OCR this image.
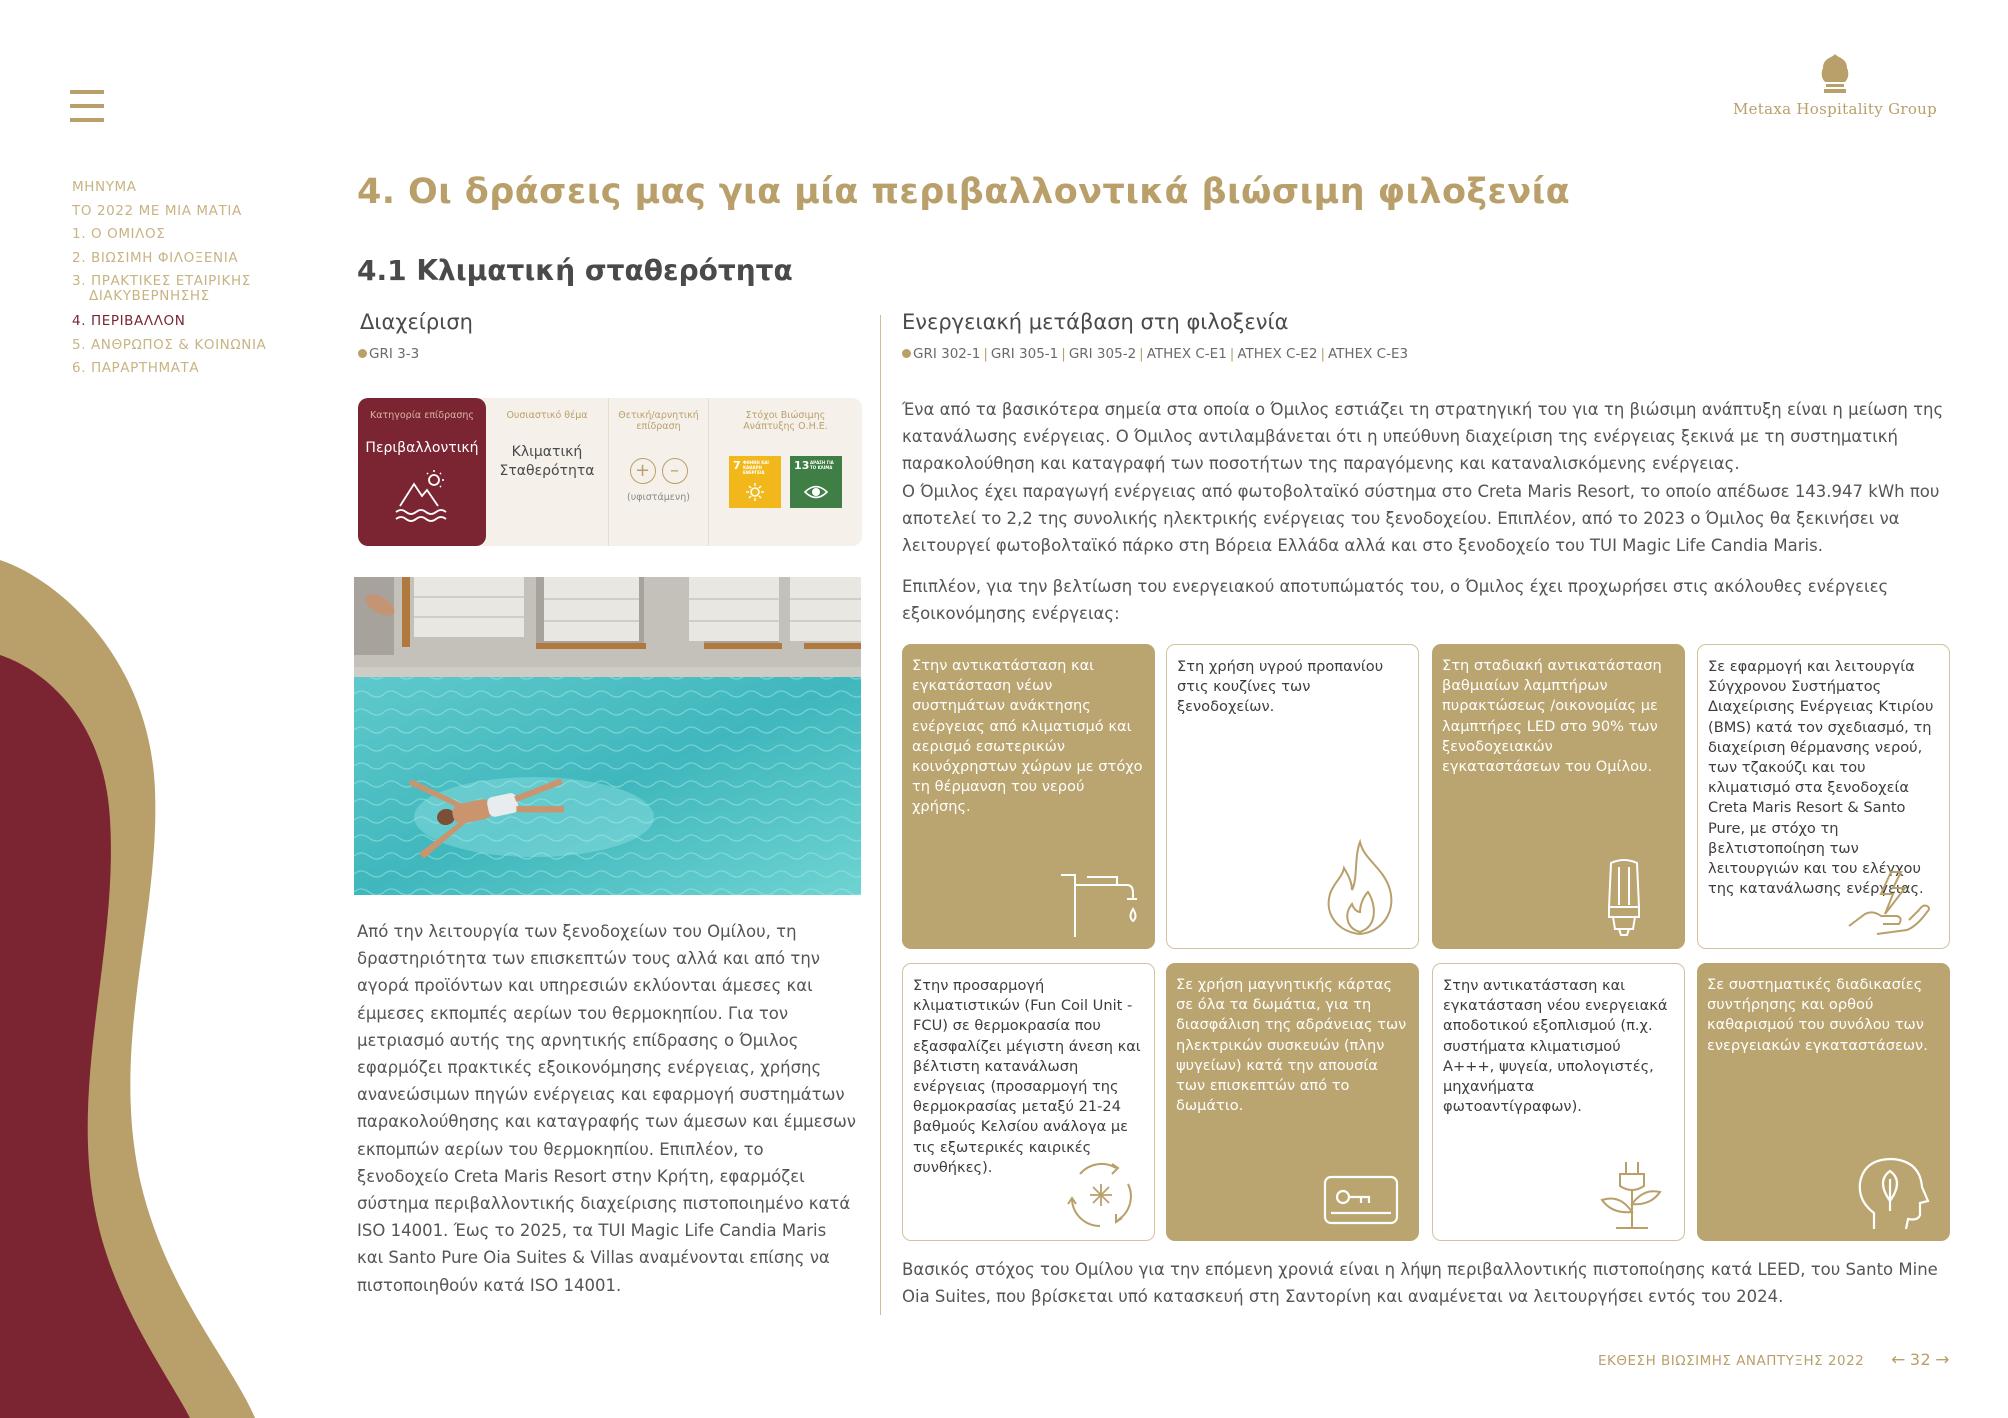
Metaxa Hospitality Group
ΜΗΝΥΜΑ
ΤΟ 2022 ΜΕ ΜΙΑ ΜΑΤΙΑ
1. Ο ΟΜΙΛΟΣ
2. ΒΙΩΣΙΜΗ ΦΙΛΟΞΕΝΙΑ
3. ΠΡΑΚΤΙΚΕΣ ΕΤΑΙΡΙΚΗΣ
ΔΙΑΚΥΒΕΡΝΗΣΗΣ
4. ΠΕΡΙΒΑΛΛΟΝ
5. ΑΝΘΡΩΠΟΣ & ΚΟΙΝΩΝΙΑ
6. ΠΑΡΑΡΤΗΜΑΤΑ
4. Οι δράσεις μας για μία περιβαλλοντικά βιώσιμη φιλοξενία
4.1 Κλιματική σταθερότητα
Διαχείριση
GRI 3-3
Κατηγορία επίδρασης
Περιβαλλοντική
Ουσιαστικό θέμα
Κλιματική
Σταθερότητα
Θετική/αρνητική επίδραση
+ –
(υφιστάμενη)
Στόχοι Βιώσιμης Ανάπτυξης Ο.Η.Ε.
7 ΦΘΗΝΗ ΚΑΙ ΚΑΘΑΡΗ ΕΝΕΡΓΕΙΑ
13 ΔΡΑΣΗ ΓΙΑ ΤΟ ΚΛΙΜΑ

Από την λειτουργία των ξενοδοχείων του Ομίλου, τη δραστηριότητα των επισκεπτών τους αλλά και από την αγορά προϊόντων και υπηρεσιών εκλύονται άμεσες και έμμεσες εκπομπές αερίων του θερμοκηπίου. Για τον μετριασμό αυτής της αρνητικής επίδρασης ο Όμιλος εφαρμόζει πρακτικές εξοικονόμησης ενέργειας, χρήσης ανανεώσιμων πηγών ενέργειας και εφαρμογή συστημάτων παρακολούθησης και καταγραφής των άμεσων και έμμεσων εκπομπών αερίων του θερμοκηπίου. Επιπλέον, το ξενοδοχείο Creta Maris Resort στην Κρήτη, εφαρμόζει σύστημα περιβαλλοντικής διαχείρισης πιστοποιημένο κατά ISO 14001. Έως το 2025, τα TUI Magic Life Candia Maris και Santo Pure Oia Suites & Villas αναμένονται επίσης να πιστοποιηθούν κατά ISO 14001.

Ενεργειακή μετάβαση στη φιλοξενία
GRI 302-1 | GRI 305-1 | GRI 305-2 | ATHEX C-E1 | ATHEX C-E2 | ATHEX C-E3

Ένα από τα βασικότερα σημεία στα οποία ο Όμιλος εστιάζει τη στρατηγική του για τη βιώσιμη ανάπτυξη είναι η μείωση της κατανάλωσης ενέργειας. Ο Όμιλος αντιλαμβάνεται ότι η υπεύθυνη διαχείριση της ενέργειας ξεκινά με τη συστηματική παρακολούθηση και καταγραφή των ποσοτήτων της παραγόμενης και καταναλισκόμενης ενέργειας.

Ο Όμιλος έχει παραγωγή ενέργειας από φωτοβολταϊκό σύστημα στο Creta Maris Resort, το οποίο απέδωσε 143.947 kWh που αποτελεί το 2,2 της συνολικής ηλεκτρικής ενέργειας του ξενοδοχείου. Επιπλέον, από το 2023 ο Όμιλος θα ξεκινήσει να λειτουργεί φωτοβολταϊκό πάρκο στη Βόρεια Ελλάδα αλλά και στο ξενοδοχείο του TUI Magic Life Candia Maris.

Επιπλέον, για την βελτίωση του ενεργειακού αποτυπώματός του, ο Όμιλος έχει προχωρήσει στις ακόλουθες ενέργειες εξοικονόμησης ενέργειας:

Στην αντικατάσταση και εγκατάσταση νέων συστημάτων ανάκτησης ενέργειας από κλιματισμό και αερισμό εσωτερικών κοινόχρηστων χώρων με στόχο τη θέρμανση του νερού χρήσης.
Στη χρήση υγρού προπανίου στις κουζίνες των ξενοδοχείων.
Στη σταδιακή αντικατάσταση βαθμιαίων λαμπτήρων πυρακτώσεως /οικονομίας με λαμπτήρες LED στο 90% των ξενοδοχειακών εγκαταστάσεων του Ομίλου.
Σε εφαρμογή και λειτουργία Σύγχρονου Συστήματος Διαχείρισης Ενέργειας Κτιρίου (BMS) κατά τον σχεδιασμό, τη διαχείριση θέρμανσης νερού, των τζακούζι και του κλιματισμό στα ξενοδοχεία Creta Maris Resort & Santo Pure, με στόχο τη βελτιστοποίηση των λειτουργιών και του ελέγχου της κατανάλωσης ενέργειας.
Στην προσαρμογή κλιματιστικών (Fun Coil Unit - FCU) σε θερμοκρασία που εξασφαλίζει μέγιστη άνεση και βέλτιστη κατανάλωση ενέργειας (προσαρμογή της θερμοκρασίας μεταξύ 21-24 βαθμούς Κελσίου ανάλογα με τις εξωτερικές καιρικές συνθήκες).
Σε χρήση μαγνητικής κάρτας σε όλα τα δωμάτια, για τη διασφάλιση της αδράνειας των ηλεκτρικών συσκευών (πλην ψυγείων) κατά την απουσία των επισκεπτών από το δωμάτιο.
Στην αντικατάσταση και εγκατάσταση νέου ενεργειακά αποδοτικού εξοπλισμού (π.χ. συστήματα κλιματισμού A+++, ψυγεία, υπολογιστές, μηχανήματα φωτοαντίγραφων).
Σε συστηματικές διαδικασίες συντήρησης και ορθού καθαρισμού του συνόλου των ενεργειακών εγκαταστάσεων.

Βασικός στόχος του Ομίλου για την επόμενη χρονιά είναι η λήψη περιβαλλοντικής πιστοποίησης κατά LEED, του Santo Mine Oia Suites, που βρίσκεται υπό κατασκευή στη Σαντορίνη και αναμένεται να λειτουργήσει εντός του 2024.

ΕΚΘΕΣΗ ΒΙΩΣΙΜΗΣ ΑΝΑΠΤΥΞΗΣ 2022 ← 32 →
